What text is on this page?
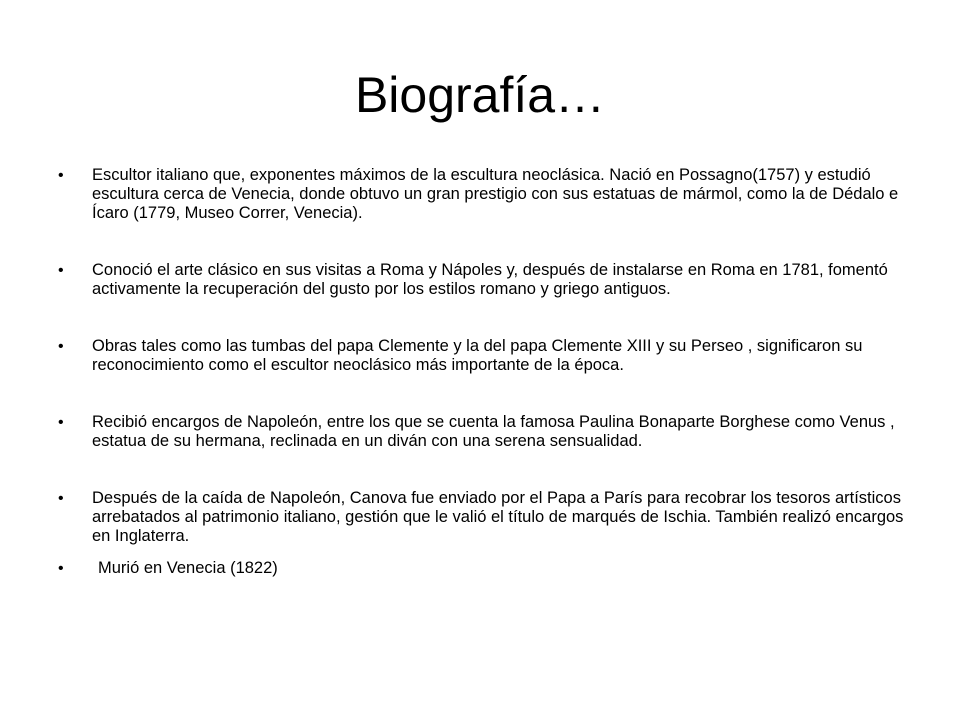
Biografía…
• Escultor italiano que, exponentes máximos de la escultura neoclásica. Nació en Possagno(1757) y estudió escultura cerca de Venecia, donde obtuvo un gran prestigio con sus estatuas de mármol, como la de Dédalo e Ícaro (1779, Museo Correr, Venecia).
• Conoció el arte clásico en sus visitas a Roma y Nápoles y, después de instalarse en Roma en 1781, fomentó activamente la recuperación del gusto por los estilos romano y griego antiguos.
• Obras tales como las tumbas del papa Clemente y la del papa Clemente XIII y su Perseo , significaron su reconocimiento como el escultor neoclásico más importante de la época.
• Recibió encargos de Napoleón, entre los que se cuenta la famosa Paulina Bonaparte Borghese como Venus , estatua de su hermana, reclinada en un diván con una serena sensualidad.
• Después de la caída de Napoleón, Canova fue enviado por el Papa a París para recobrar los tesoros artísticos arrebatados al patrimonio italiano, gestión que le valió el título de marqués de Ischia. También realizó encargos en Inglaterra.
• Murió en Venecia (1822)
